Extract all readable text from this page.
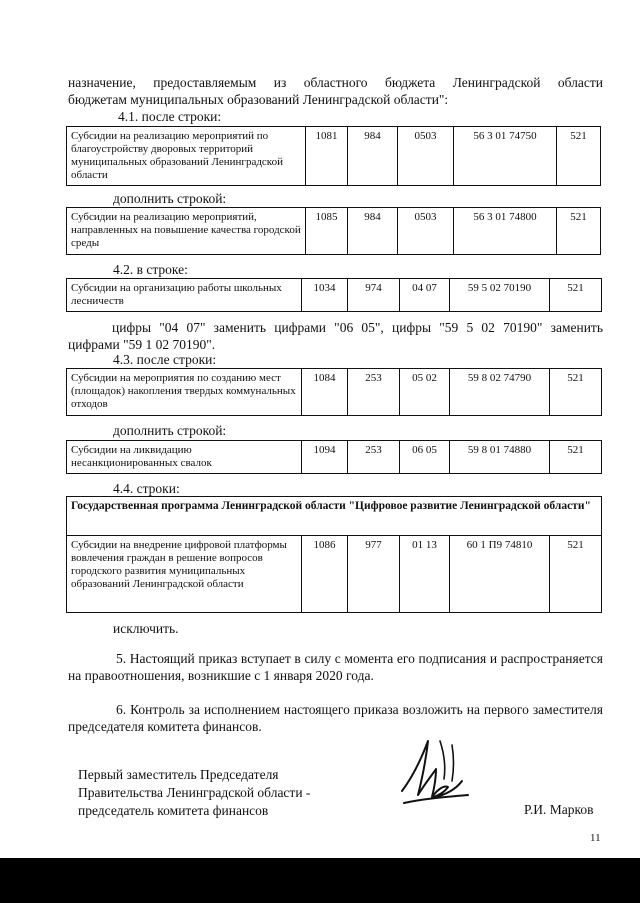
назначение, предоставляемым из областного бюджета Ленинградской области
бюджетам муниципальных образований Ленинградской области":
4.1. после строки:
Субсидии на реализацию мероприятий по благоустройству дворовых территорий муниципальных образований Ленинградской области	1081	984	0503	56 3 01 74750	521
дополнить строкой:
Субсидии на реализацию мероприятий, направленных на повышение качества городской среды	1085	984	0503	56 3 01 74800	521
4.2. в строке:
Субсидии на организацию работы школьных лесничеств	1034	974	04 07	59 5 02 70190	521
цифры "04 07" заменить цифрами "06 05", цифры "59 5 02 70190" заменить
цифрами "59 1 02 70190".
4.3. после строки:
Субсидии на мероприятия по созданию мест (площадок) накопления твердых коммунальных отходов	1084	253	05 02	59 8 02 74790	521
дополнить строкой:
Субсидии на ликвидацию несанкционированных свалок	1094	253	06 05	59 8 01 74880	521
4.4. строки:
Государственная программа Ленинградской области "Цифровое развитие Ленинградской области"
Субсидии на внедрение цифровой платформы вовлечения граждан в решение вопросов городского развития муниципальных образований Ленинградской области	1086	977	01 13	60 1 П9 74810	521
исключить.
5. Настоящий приказ вступает в силу с момента его подписания и распространяется на правоотношения, возникшие с 1 января 2020 года.
6. Контроль за исполнением настоящего приказа возложить на первого заместителя председателя комитета финансов.
Первый заместитель Председателя
Правительства Ленинградской области -
председатель комитета финансов	Р.И. Марков
11
